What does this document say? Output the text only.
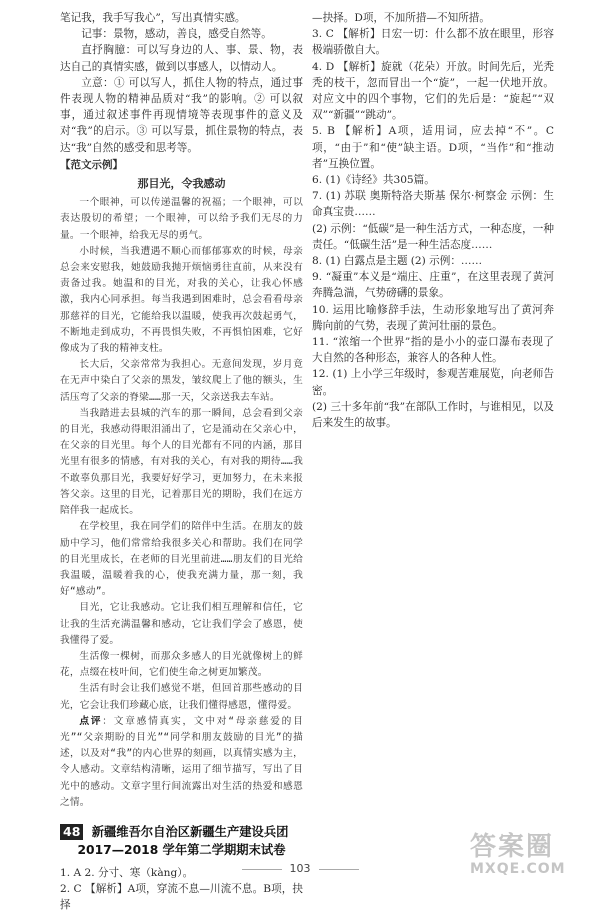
笔记我，我手写我心”，写出真情实感。

记事：景物，感动，善良，感受自然等。

直抒胸臆：可以写身边的人、事、景、物，表达自己的真情实感，做到以事感人，以情动人。

立意：① 可以写人，抓住人物的特点，通过事件表现人物的精神品质对“我”的影响。② 可以叙事，通过叙述事件再现情境等表现事件的意义及对“我”的启示。③ 可以写景，抓住景物的特点，表达“我”自然的感受和思考等。

【范文示例】
那目光，令我感动

一个眼神，可以传递温馨的祝福；一个眼神，可以表达殷切的希望；一个眼神，可以给予我们无尽的力量。一个眼神，给我无尽的勇气。

小时候，当我遭遇不顺心而郁郁寡欢的时候，母亲总会来安慰我，她鼓励我抛开烦恼勇往直前，从来没有责备过我。她温和的目光，对我的关心，让我心怀感激，我内心同承担。每当我遇到困难时，总会看看母亲那慈祥的目光，它能给我以温暖，使我再次鼓起勇气，不断地走到成功，不再畏惧失败，不再惧怕困难，它好像成为了我的精神支柱。

长大后，父亲常常为我担心。无意间发现，岁月竟在无声中染白了父亲的黑发，皱纹爬上了他的额头，生活压弯了父亲的脊梁……那一天，父亲送我去车站。

当我踏进去县城的汽车的那一瞬间，总会看到父亲的目光，我感动得眼泪涌出了，它是涌动在父亲心中，在父亲的目光里。每个人的目光都有不同的内涵，那目光里有很多的情感，有对我的关心，有对我的期待……我不敢辜负那目光，我要好好学习，更加努力，在未来报答父亲。这里的目光，记着那目光的期盼，我们在远方陪伴我一起成长。

在学校里，我在同学们的陪伴中生活。在朋友的鼓励中学习，他们常常给我很多关心和帮助。我们在同学的目光里成长，在老师的目光里前进……朋友们的目光给我温暖，温暖着我的心，使我充满力量，那一刻，我好“感动”。

目光，它让我感动。它让我们相互理解和信任，它让我的生活充满温馨和感动，它让我们学会了感恩，使我懂得了爱。

生活像一棵树，而那众多感人的目光就像树上的鲜花，点缀在枝叶间，它们使生命之树更加繁茂。

生活有时会让我们感觉不堪，但回首那些感动的目光，它会让我们珍藏心底，让我们懂得感恩，懂得爱。

点评：文章感情真实，文中对“母亲慈爱的目光”“父亲期盼的目光”“同学和朋友鼓励的目光”的描述，以及对“我”的内心世界的刻画，以真情实感为主，令人感动。文章结构清晰，运用了细节描写，写出了目光中的感动。文章字里行间流露出对生活的热爱和感恩之情。

48 新疆维吾尔自治区新疆生产建设兵团
2017—2018 学年第二学期期末试卷

1. A 2. 分寸、寒（kàng）。

2. C 【解析】A项，穿流不息—川流不息。B项，抉择

—抉择。D项，不加所措—不知所措。

3. C 【解析】日宏一切：什么都不放在眼里，形容极端骄傲自大。

4. D 【解析】旋就（花朵）开放。时间先后，光秃秃的枝干，忽而冒出一个“旋”，一起一伏地开放。对应文中的四个事物，它们的先后是：“旋起”“双双”“新疆”“跳动”。

5. B 【解析】A项，适用词，应去掉“不”。C项，“由于”和“使”缺主语。D项，“当作”和“推动者”互换位置。

6. (1)《诗经》共305篇。

7. (1) 苏联 奥斯特洛夫斯基 保尔·柯察金 示例：生命真宝贵……

(2) 示例：“低碳”是一种生活方式，一种态度，一种责任。“低碳生活”是一种生活态度……

8. (1) 白露点是主题 (2) 示例：……

9. “凝重”本义是“端庄、庄重”，在这里表现了黄河奔腾急湍，气势磅礴的景象。

10. 运用比喻修辞手法，生动形象地写出了黄河奔腾向前的气势，表现了黄河壮丽的景色。

11. “浓缩一个世界”指的是小小的壶口瀑布表现了大自然的各种形态，兼容人的各种人性。

12. (1) 上小学三年级时，参观苦难展览，向老师告密。

(2) 三十多年前“我”在部队工作时，与谁相见，以及后来发生的故事。

103
答案圈
MXQE.COM
